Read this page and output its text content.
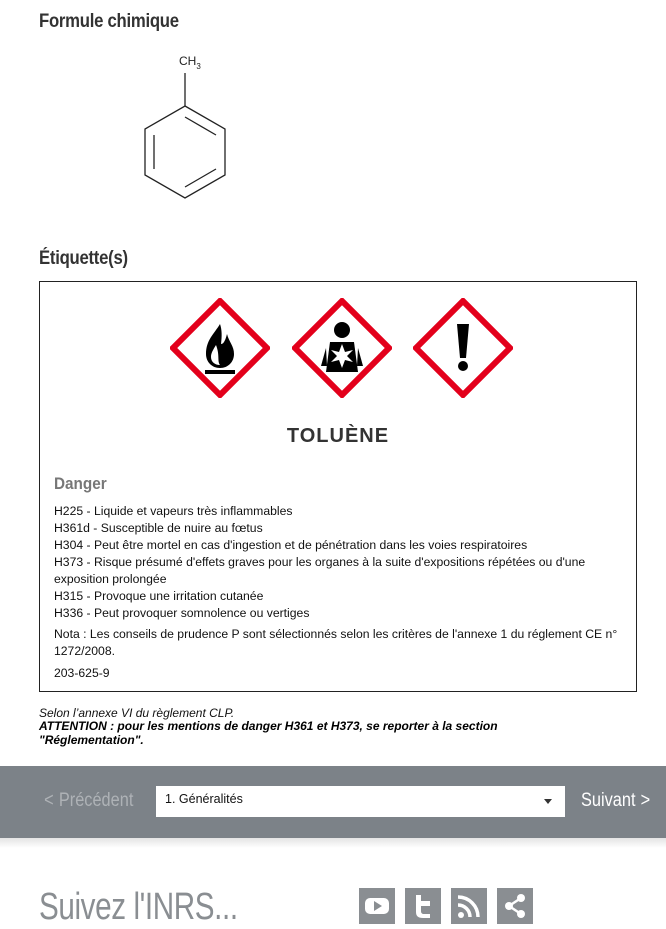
Formule chimique
$CH_3$
Étiquette(s)
TOLUÈNE
Danger
H225 - Liquide et vapeurs très inflammables
H361d - Susceptible de nuire au fœtus
H304 - Peut être mortel en cas d'ingestion et de pénétration dans les voies respiratoires
H373 - Risque présumé d'effets graves pour les organes à la suite d'expositions répétées ou d'une exposition prolongée
H315 - Provoque une irritation cutanée
H336 - Peut provoquer somnolence ou vertiges
Nota : Les conseils de prudence P sont sélectionnés selon les critères de l'annexe 1 du réglement CE n° 1272/2008.
203-625-9
Selon l’annexe VI du règlement CLP.
ATTENTION : pour les mentions de danger H361 et H373, se reporter à la section "Réglementation".
< Précédent	1. Généralités	Suivant >
Suivez l'INRS...
